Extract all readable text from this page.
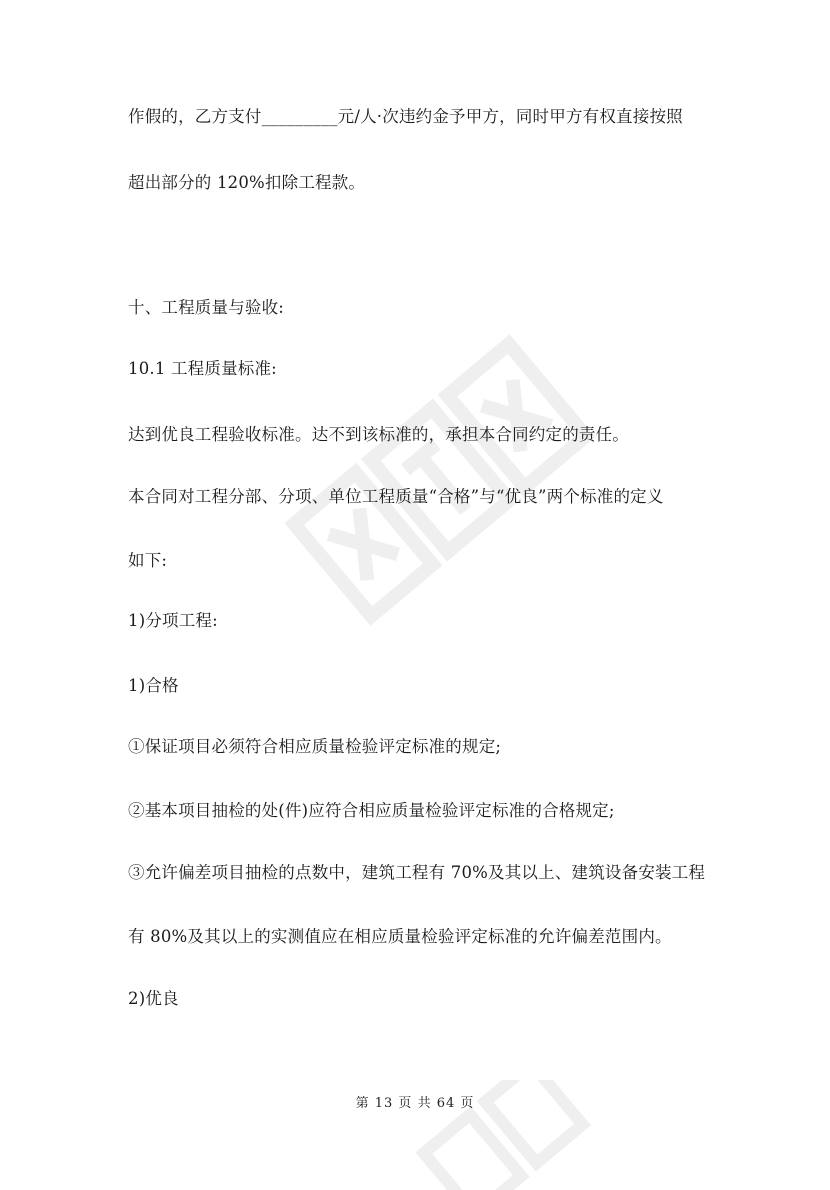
作假的，乙方支付_________元/人·次违约金予甲方，同时甲方有权直接按照
超出部分的 120%扣除工程款。
十、工程质量与验收:
10.1 工程质量标准:
达到优良工程验收标准。达不到该标准的，承担本合同约定的责任。
本合同对工程分部、分项、单位工程质量“合格”与“优良”两个标准的定义
如下:
1)分项工程:
1)合格
①保证项目必须符合相应质量检验评定标准的规定;
②基本项目抽检的处(件)应符合相应质量检验评定标准的合格规定;
③允许偏差项目抽检的点数中，建筑工程有 70%及其以上、建筑设备安装工程
有 80%及其以上的实测值应在相应质量检验评定标准的允许偏差范围内。
2)优良
第 13 页 共 64 页
